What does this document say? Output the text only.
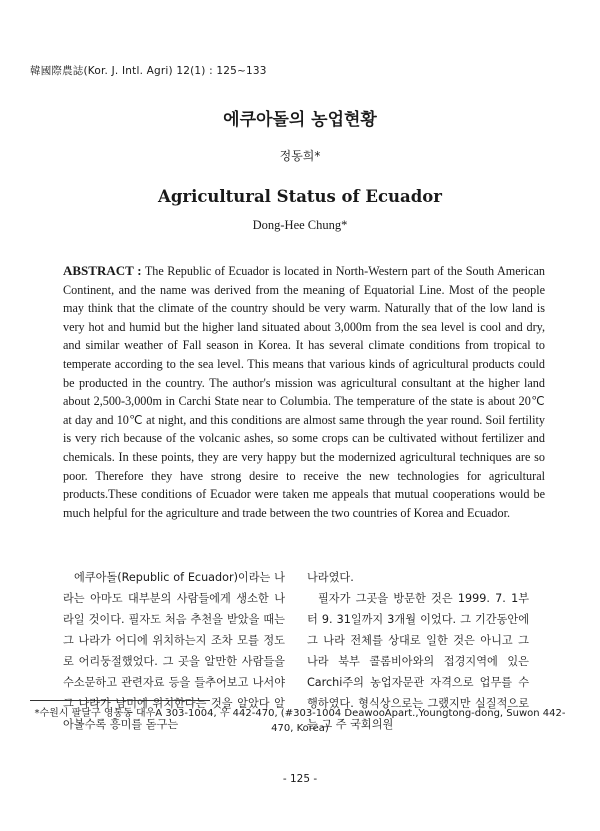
韓國際農誌(Kor. J. Intl. Agri) 12(1) : 125~133
에쿠아돌의 농업현황
정동희*
Agricultural Status of Ecuador
Dong-Hee Chung*
ABSTRACT : The Republic of Ecuador is located in North-Western part of the South American Continent, and the name was derived from the meaning of Equatorial Line. Most of the people may think that the climate of the country should be very warm. Naturally that of the low land is very hot and humid but the higher land situated about 3,000m from the sea level is cool and dry, and similar weather of Fall season in Korea. It has several climate conditions from tropical to temperate according to the sea level. This means that various kinds of agricultural products could be producted in the country. The author's mission was agricultural consultant at the higher land about 2,500-3,000m in Carchi State near to Columbia. The temperature of the state is about 20℃ at day and 10℃ at night, and this conditions are almost same through the year round. Soil fertility is very rich because of the volcanic ashes, so some crops can be cultivated without fertilizer and chemicals. In these points, they are very happy but the modernized agricultural techniques are so poor. Therefore they have strong desire to receive the new technologies for agricultural products.These conditions of Ecuador were taken me appeals that mutual cooperations would be much helpful for the agriculture and trade between the two countries of Korea and Ecuador.

에쿠아돌(Republic of Ecuador)이라는 나라는 아마도 대부분의 사람들에게 생소한 나라일 것이다. 필자도 처음 추천을 받았을 때는 그 나라가 어디에 위치하는지 조차 모를 정도로 어리둥절했었다. 그 곳을 알만한 사람들을 수소문하고 관련자료 등을 들추어보고 나서야 그 나라가 남미에 위치한다는 것을 알았다 알아볼수록 흥미를 돋구는

나라였다.

필자가 그곳을 방문한 것은 1999. 7. 1부터 9. 31일까지 3개월 이었다. 그 기간동안에 그 나라 전체를 상대로 일한 것은 아니고 그 나라 북부 콜롬비아와의 접경지역에 있은 Carchi주의 농업자문관 자격으로 업무를 수행하였다. 형식상으로는 그랬지만 실질적으로는 그 주 국회의원

*수원시 팔달구 영통동 대우A 303-1004, 우 442-470, (#303-1004 DeawooApart.,Youngtong-dong, Suwon 442-470, Korea)
- 125 -
